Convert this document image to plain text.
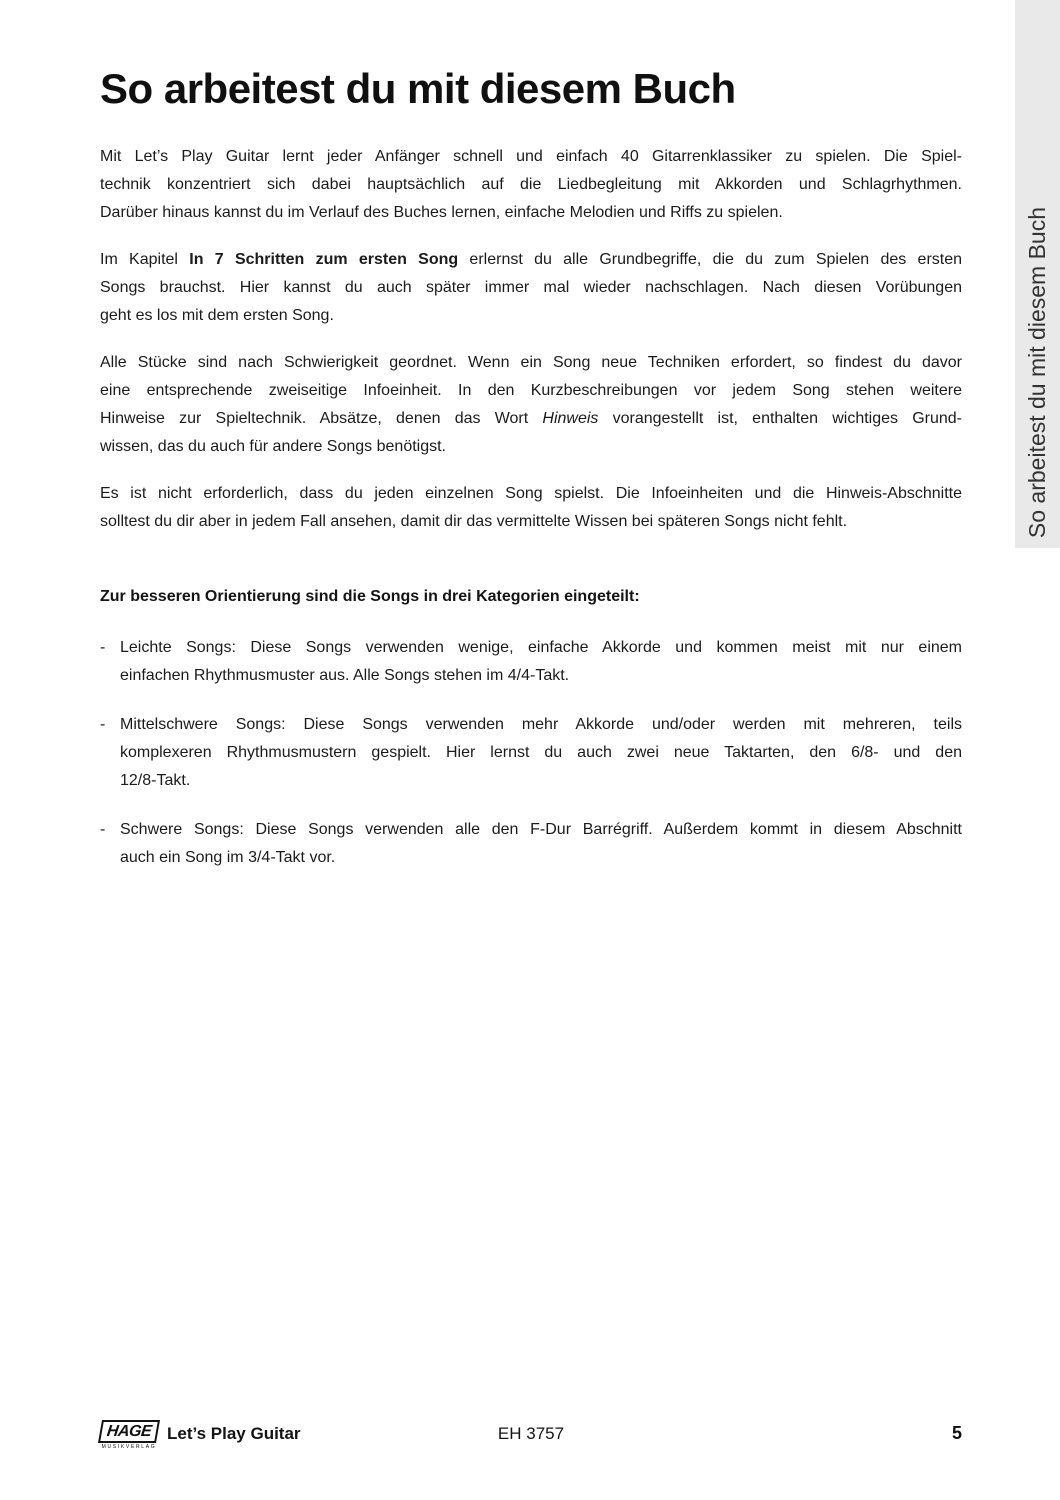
So arbeitest du mit diesem Buch
So arbeitest du mit diesem Buch
Mit Let’s Play Guitar lernt jeder Anfänger schnell und einfach 40 Gitarrenklassiker zu spielen. Die Spiel-
technik konzentriert sich dabei hauptsächlich auf die Liedbegleitung mit Akkorden und Schlagrhythmen.
Darüber hinaus kannst du im Verlauf des Buches lernen, einfache Melodien und Riffs zu spielen.
Im Kapitel In 7 Schritten zum ersten Song erlernst du alle Grundbegriffe, die du zum Spielen des ersten
Songs brauchst. Hier kannst du auch später immer mal wieder nachschlagen. Nach diesen Vorübungen
geht es los mit dem ersten Song.
Alle Stücke sind nach Schwierigkeit geordnet. Wenn ein Song neue Techniken erfordert, so findest du davor
eine entsprechende zweiseitige Infoeinheit. In den Kurzbeschreibungen vor jedem Song stehen weitere
Hinweise zur Spieltechnik. Absätze, denen das Wort Hinweis vorangestellt ist, enthalten wichtiges Grund-
wissen, das du auch für andere Songs benötigst.
Es ist nicht erforderlich, dass du jeden einzelnen Song spielst. Die Infoeinheiten und die Hinweis-Abschnitte
solltest du dir aber in jedem Fall ansehen, damit dir das vermittelte Wissen bei späteren Songs nicht fehlt.

Zur besseren Orientierung sind die Songs in drei Kategorien eingeteilt:

- Leichte Songs: Diese Songs verwenden wenige, einfache Akkorde und kommen meist mit nur einem
einfachen Rhythmusmuster aus. Alle Songs stehen im 4/4-Takt.
- Mittelschwere Songs: Diese Songs verwenden mehr Akkorde und/oder werden mit mehreren, teils
komplexeren Rhythmusmustern gespielt. Hier lernst du auch zwei neue Taktarten, den 6/8- und den
12/8-Takt.
- Schwere Songs: Diese Songs verwenden alle den F-Dur Barrégriff. Außerdem kommt in diesem Abschnitt
auch ein Song im 3/4-Takt vor.
HAGE
MUSIKVERLAG
Let’s Play Guitar	EH 3757	5
